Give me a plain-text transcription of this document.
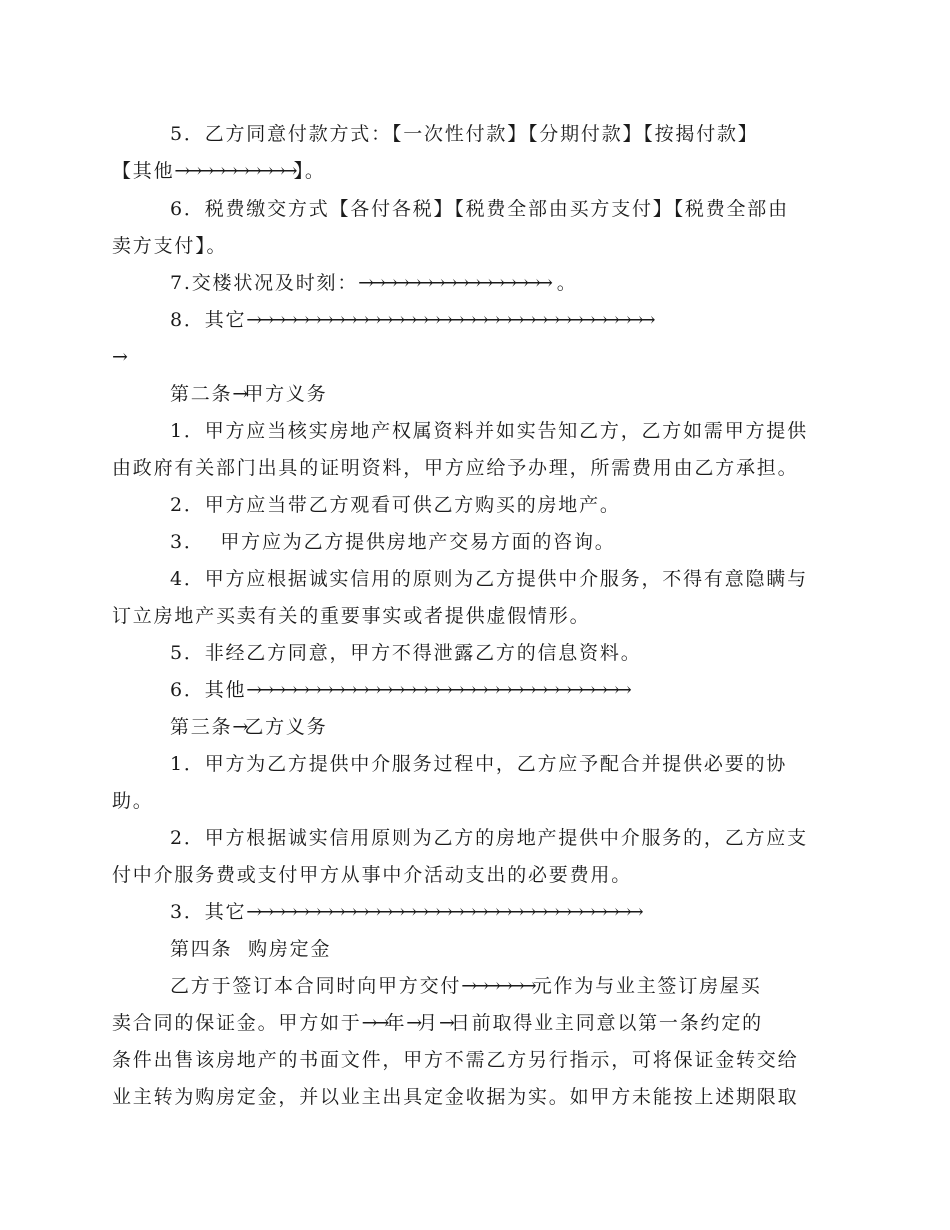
5．乙方同意付款方式：【一次性付款】【分期付款】【按揭付款】
【其他→→→→→→→→→→】。
6．税费缴交方式【各付各税】【税费全部由买方支付】【税费全部由
卖方支付】。
7.交楼状况及时刻：→→→→→→→→→→→→→→→→ 。
8．其它→→→→→→→→→→→→→→→→→→→→→→→→→→→→→→→→→→
→
第二条→甲方义务
1．甲方应当核实房地产权属资料并如实告知乙方，乙方如需甲方提供
由政府有关部门出具的证明资料，甲方应给予办理，所需费用由乙方承担。
2．甲方应当带乙方观看可供乙方购买的房地产。
3．  甲方应为乙方提供房地产交易方面的咨询。
4．甲方应根据诚实信用的原则为乙方提供中介服务，不得有意隐瞒与
订立房地产买卖有关的重要事实或者提供虚假情形。
5．非经乙方同意，甲方不得泄露乙方的信息资料。
6．其他→→→→→→→→→→→→→→→→→→→→→→→→→→→→→→→→
第三条→乙方义务
1．甲方为乙方提供中介服务过程中，乙方应予配合并提供必要的协
助。
2．甲方根据诚实信用原则为乙方的房地产提供中介服务的，乙方应支
付中介服务费或支付甲方从事中介活动支出的必要费用。
3．其它→→→→→→→→→→→→→→→→→→→→→→→→→→→→→→→→→
第四条  购房定金
乙方于签订本合同时向甲方交付→→→→→→元作为与业主签订房屋买
卖合同的保证金。甲方如于→→年→月→日前取得业主同意以第一条约定的
条件出售该房地产的书面文件，甲方不需乙方另行指示，可将保证金转交给
业主转为购房定金，并以业主出具定金收据为实。如甲方未能按上述期限取
